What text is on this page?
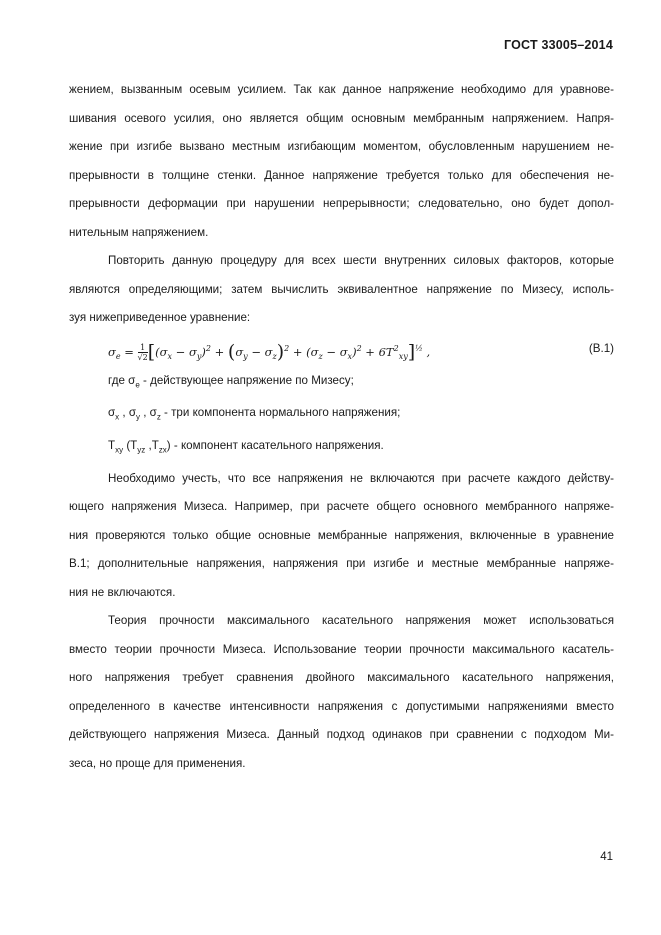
ГОСТ 33005–2014
жением, вызванным осевым усилием. Так как данное напряжение необходимо для уравнове-
шивания осевого усилия, оно является общим основным мембранным напряжением. Напря-
жение при изгибе вызвано местным изгибающим моментом, обусловленным нарушением не-
прерывности в толщине стенки. Данное напряжение требуется только для обеспечения не-
прерывности деформации при нарушении непрерывности; следовательно, оно будет допол-
нительным напряжением.
Повторить данную процедуру для всех шести внутренних силовых факторов, которые
являются определяющими; затем вычислить эквивалентное напряжение по Мизесу, исполь-
зуя нижеприведенное уравнение:
$\sigma_e = \frac{1}{√2} [(\sigma_x - \sigma_y)^2 + (\sigma_y - \sigma_z)^2 + (\sigma_z - \sigma_x)^2 + 6T^2_{xy}]^{\frac{1}{2}}$ ,	(В.1)
где $\sigma_e$ - действующее напряжение по Мизесу;
$\sigma_x$ , $\sigma_y$ , $\sigma_z$ - три компонента нормального напряжения;
$T_{xy}$ ($T_{yz}$ $,T_{zx}$) - компонент касательного напряжения.
Необходимо учесть, что все напряжения не включаются при расчете каждого действу-
ющего напряжения Мизеса. Например, при расчете общего основного мембранного напряже-
ния проверяются только общие основные мембранные напряжения, включенные в уравнение
В.1; дополнительные напряжения, напряжения при изгибе и местные мембранные напряже-
ния не включаются.
Теория прочности максимального касательного напряжения может использоваться
вместо теории прочности Мизеса. Использование теории прочности максимального касатель-
ного напряжения требует сравнения двойного максимального касательного напряжения,
определенного в качестве интенсивности напряжения с допустимыми напряжениями вместо
действующего напряжения Мизеса. Данный подход одинаков при сравнении с подходом Ми-
зеса, но проще для применения.
41
